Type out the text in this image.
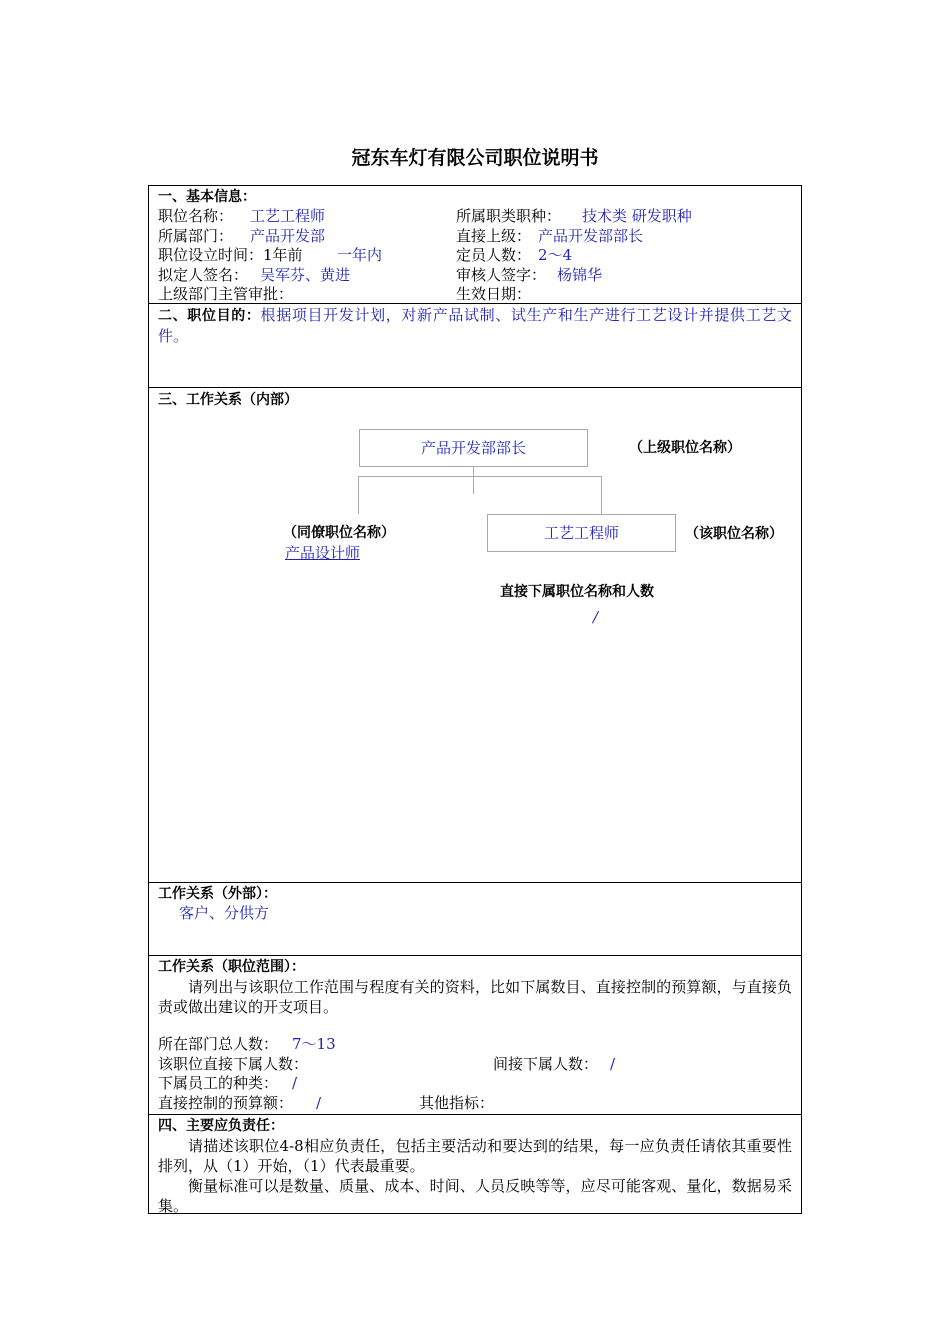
冠东车灯有限公司职位说明书
一、基本信息：
职位名称： 工艺工程师	所属职类职种： 技术类 研发职种
所属部门： 产品开发部	直接上级： 产品开发部部长
职位设立时间：1年前 一年内	定员人数： 2～4
拟定人签名： 吴军芬、黄进	审核人签字： 杨锦华
上级部门主管审批：	生效日期：
二、职位目的：根据项目开发计划，对新产品试制、试生产和生产进行工艺设计并提供工艺文件。
三、工作关系（内部）
产品开发部部长	（上级职位名称）
（同僚职位名称）
产品设计师
工艺工程师	（该职位名称）
直接下属职位名称和人数
/
工作关系（外部）：
客户、分供方
工作关系（职位范围）：
请列出与该职位工作范围与程度有关的资料，比如下属数目、直接控制的预算额，与直接负责或做出建议的开支项目。
所在部门总人数： 7～13
该职位直接下属人数：	间接下属人数： /
下属员工的种类： /
直接控制的预算额： /	其他指标：
四、主要应负责任：
请描述该职位4-8相应负责任，包括主要活动和要达到的结果，每一应负责任请依其重要性排列，从（1）开始，（1）代表最重要。
衡量标准可以是数量、质量、成本、时间、人员反映等等，应尽可能客观、量化，数据易采集。
